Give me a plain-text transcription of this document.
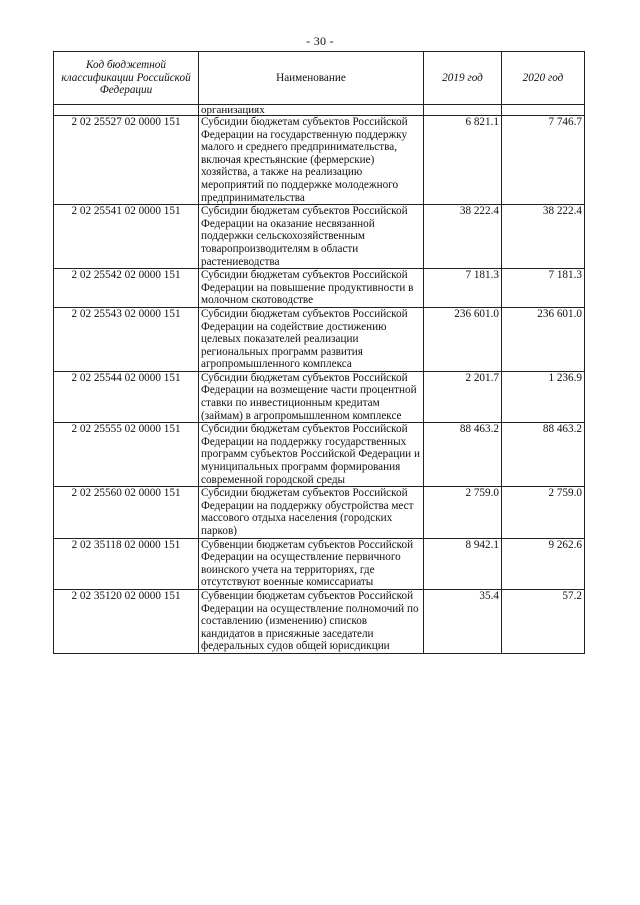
- 30 -
Код бюджетной классификации Российской Федерации	Наименование	2019 год	2020 год
	организациях		
2 02 25527 02 0000 151	Субсидии бюджетам субъектов Российской Федерации на государственную поддержку малого и среднего предпринимательства, включая крестьянские (фермерские) хозяйства, а также на реализацию мероприятий по поддержке молодежного предпринимательства	6 821.1	7 746.7
2 02 25541 02 0000 151	Субсидии бюджетам субъектов Российской Федерации на оказание несвязанной поддержки сельскохозяйственным товаропроизводителям в области растениеводства	38 222.4	38 222.4
2 02 25542 02 0000 151	Субсидии бюджетам субъектов Российской Федерации на повышение продуктивности в молочном скотоводстве	7 181.3	7 181.3
2 02 25543 02 0000 151	Субсидии бюджетам субъектов Российской Федерации на содействие достижению целевых показателей реализации региональных программ развития агропромышленного комплекса	236 601.0	236 601.0
2 02 25544 02 0000 151	Субсидии бюджетам субъектов Российской Федерации на возмещение части процентной ставки по инвестиционным кредитам (займам) в агропромышленном комплексе	2 201.7	1 236.9
2 02 25555 02 0000 151	Субсидии бюджетам субъектов Российской Федерации на поддержку государственных программ субъектов Российской Федерации и муниципальных программ формирования современной городской среды	88 463.2	88 463.2
2 02 25560 02 0000 151	Субсидии бюджетам субъектов Российской Федерации на поддержку обустройства мест массового отдыха населения (городских парков)	2 759.0	2 759.0
2 02 35118 02 0000 151	Субвенции бюджетам субъектов Российской Федерации на осуществление первичного воинского учета на территориях, где отсутствуют военные комиссариаты	8 942.1	9 262.6
2 02 35120 02 0000 151	Субвенции бюджетам субъектов Российской Федерации на осуществление полномочий по составлению (изменению) списков кандидатов в присяжные заседатели федеральных судов общей юрисдикции	35.4	57.2
